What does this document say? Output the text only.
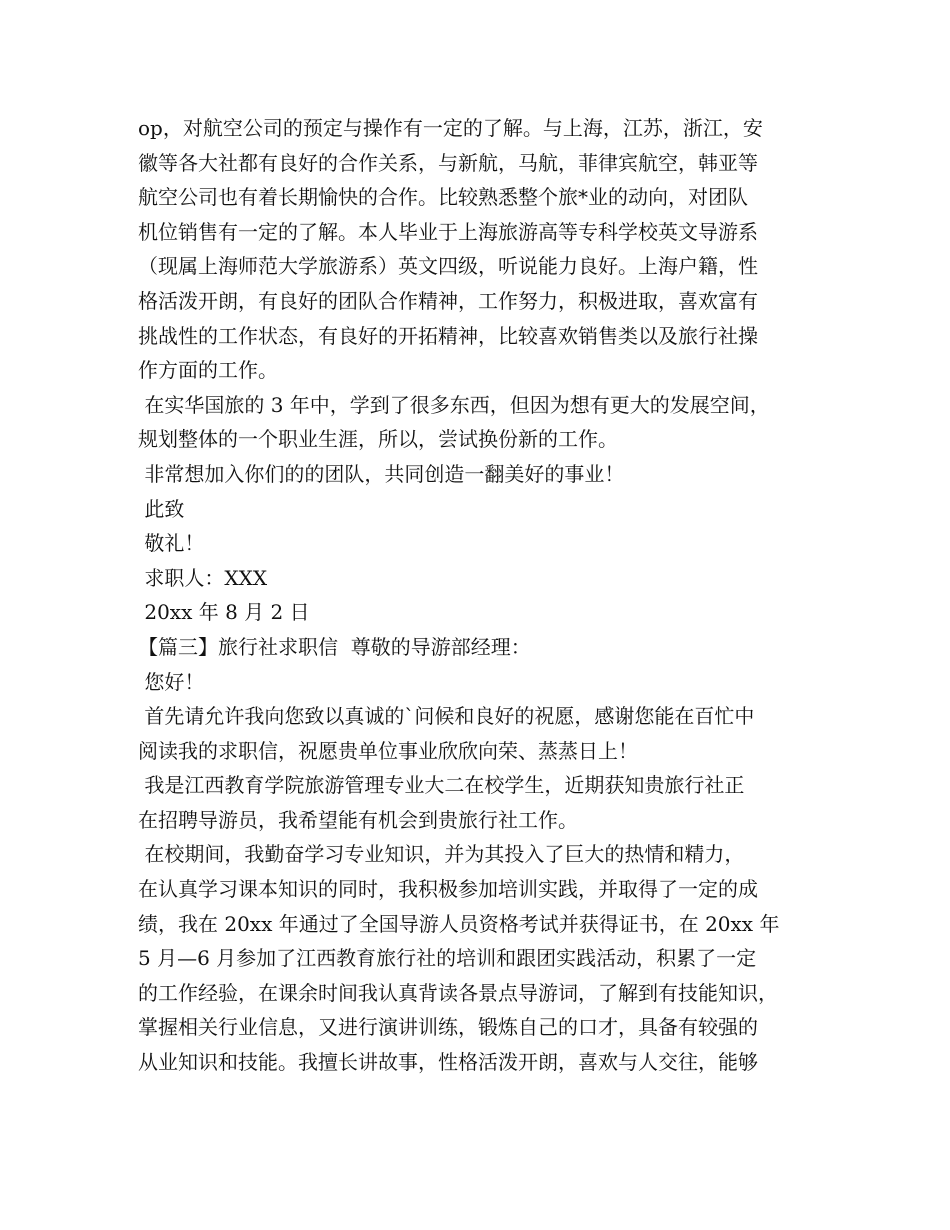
op，对航空公司的预定与操作有一定的了解。与上海，江苏，浙江，安
徽等各大社都有良好的合作关系，与新航，马航，菲律宾航空，韩亚等
航空公司也有着长期愉快的合作。比较熟悉整个旅*业的动向，对团队
机位销售有一定的了解。本人毕业于上海旅游高等专科学校英文导游系
（现属上海师范大学旅游系）英文四级，听说能力良好。上海户籍，性
格活泼开朗，有良好的团队合作精神，工作努力，积极进取，喜欢富有
挑战性的工作状态，有良好的开拓精神，比较喜欢销售类以及旅行社操
作方面的工作。
在实华国旅的 3 年中，学到了很多东西，但因为想有更大的发展空间，
规划整体的一个职业生涯，所以，尝试换份新的工作。
非常想加入你们的的团队，共同创造一翻美好的事业！
此致
敬礼！
求职人：XXX
20xx 年 8 月 2 日
【篇三】旅行社求职信  尊敬的导游部经理：
您好！
首先请允许我向您致以真诚的`问候和良好的祝愿，感谢您能在百忙中
阅读我的求职信，祝愿贵单位事业欣欣向荣、蒸蒸日上！
我是江西教育学院旅游管理专业大二在校学生，近期获知贵旅行社正
在招聘导游员，我希望能有机会到贵旅行社工作。
在校期间，我勤奋学习专业知识，并为其投入了巨大的热情和精力，
在认真学习课本知识的同时，我积极参加培训实践，并取得了一定的成
绩，我在 20xx 年通过了全国导游人员资格考试并获得证书，在 20xx 年
5 月—6 月参加了江西教育旅行社的培训和跟团实践活动，积累了一定
的工作经验，在课余时间我认真背读各景点导游词，了解到有技能知识，
掌握相关行业信息，又进行演讲训练，锻炼自己的口才，具备有较强的
从业知识和技能。我擅长讲故事，性格活泼开朗，喜欢与人交往，能够
